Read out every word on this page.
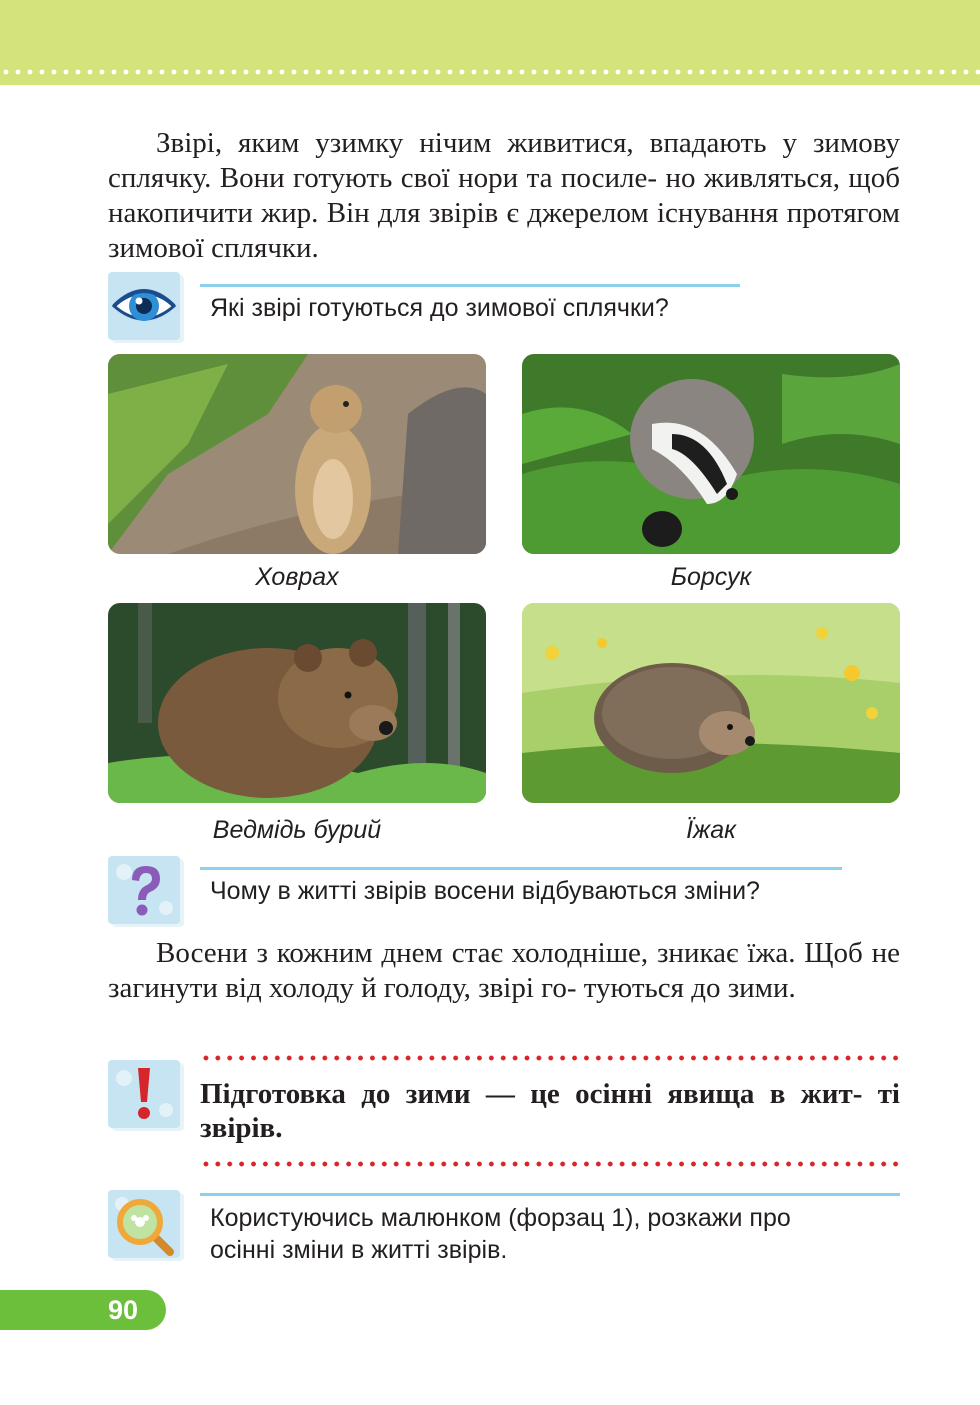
Звірі, яким узимку нічим живитися, впадають у зимову сплячку. Вони готують свої нори та посиле- но живляться, щоб накопичити жир. Він для звірів є джерелом існування протягом зимової сплячки.

Які звірі готуються до зимової сплячки?

Ховрах	Борсук

Ведмідь бурий	Їжак

Чому в житті звірів восени відбуваються зміни?

Восени з кожним днем стає холодніше, зникає їжа. Щоб не загинути від холоду й голоду, звірі го- туються до зими.

Підготовка до зими — це осінні явища в жит- ті звірів.

Користуючись малюнком (форзац 1), розкажи про
осінні зміни в житті звірів.

90
